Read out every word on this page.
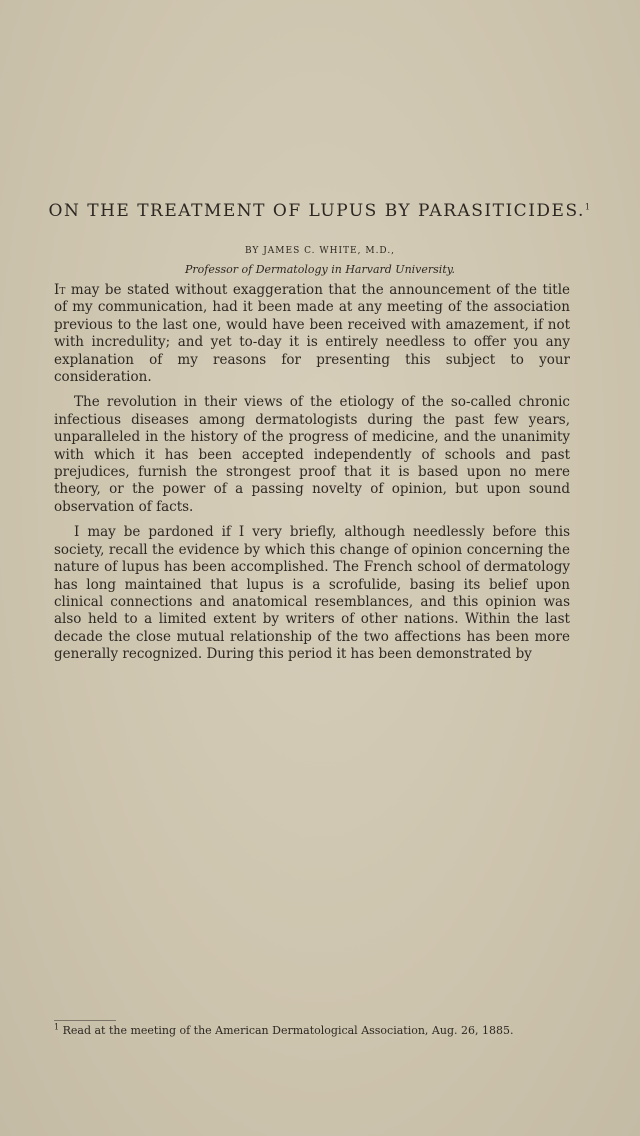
ON THE TREATMENT OF LUPUS BY PARASITICIDES.$^1$

BY JAMES C. WHITE, M.D.,

Professor of Dermatology in Harvard University.

It may be stated without exaggeration that the announcement of the title of my communication, had it been made at any meeting of the association previous to the last one, would have been received with amazement, if not with incredulity; and yet to-day it is entirely needless to offer you any explanation of my reasons for presenting this subject to your consideration.

The revolution in their views of the etiology of the so-called chronic infectious diseases among dermatologists during the past few years, unparalleled in the history of the progress of medicine, and the unanimity with which it has been accepted independently of schools and past prejudices, furnish the strongest proof that it is based upon no mere theory, or the power of a passing novelty of opinion, but upon sound observation of facts.

I may be pardoned if I very briefly, although needlessly before this society, recall the evidence by which this change of opinion concerning the nature of lupus has been accomplished. The French school of dermatology has long maintained that lupus is a scrofulide, basing its belief upon clinical connections and anatomical resemblances, and this opinion was also held to a limited extent by writers of other nations. Within the last decade the close mutual relationship of the two affections has been more generally recognized. During this period it has been demonstrated by

$^1$ Read at the meeting of the American Dermatological Association, Aug. 26, 1885.
